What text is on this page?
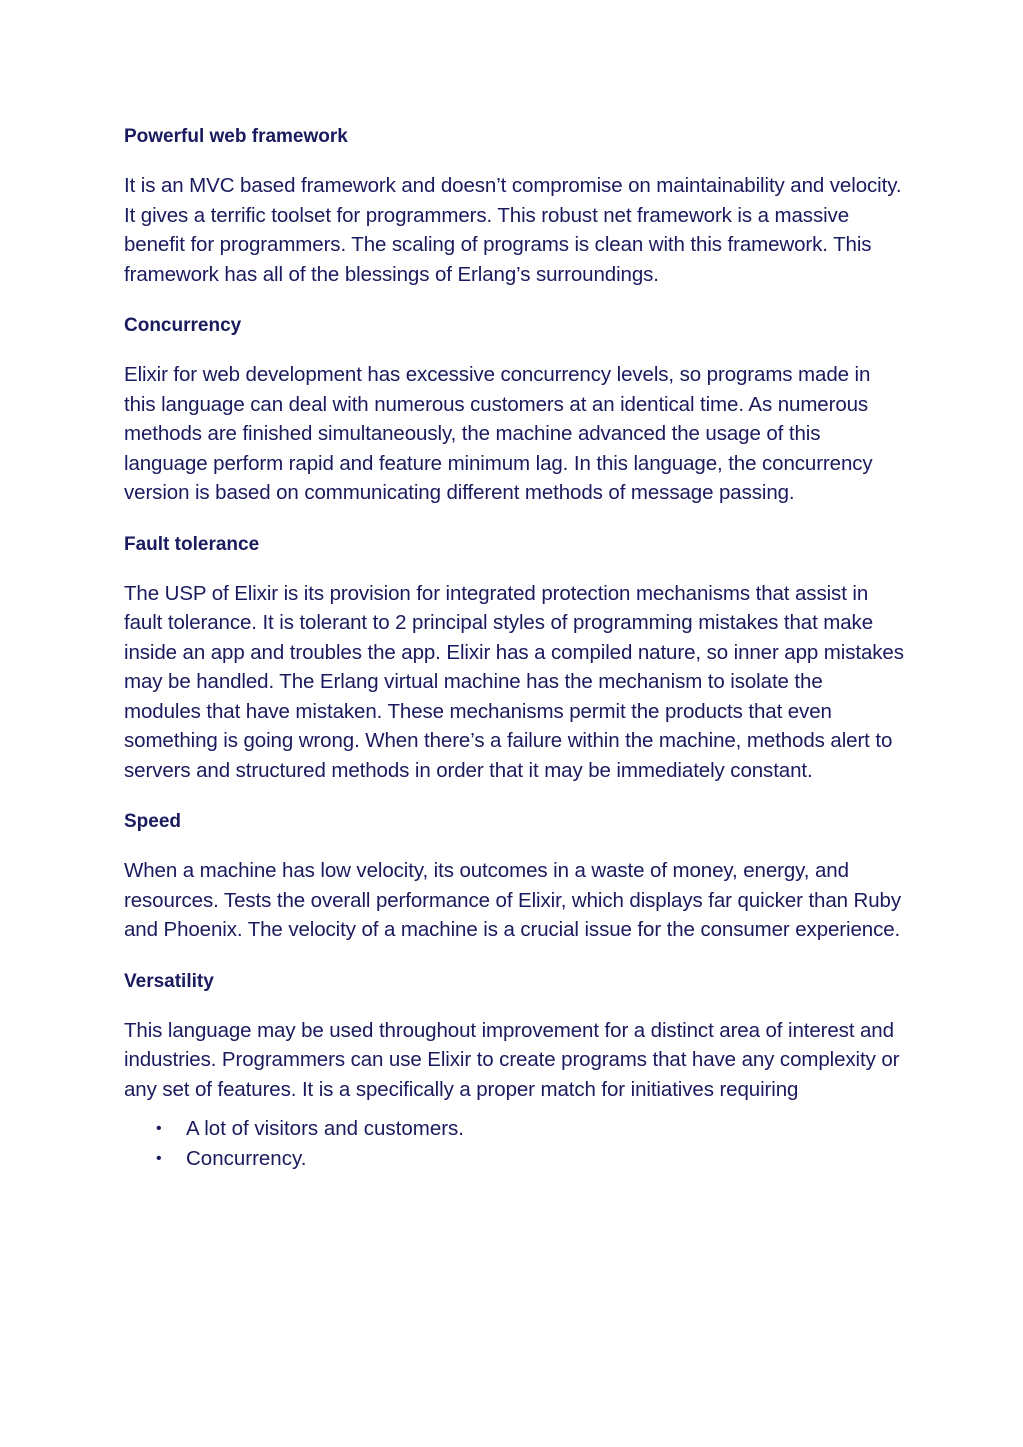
Powerful web framework
It is an MVC based framework and doesn’t compromise on maintainability and velocity. It gives a terrific toolset for programmers. This robust net framework is a massive benefit for programmers. The scaling of programs is clean with this framework. This framework has all of the blessings of Erlang’s surroundings.
Concurrency
Elixir for web development has excessive concurrency levels, so programs made in this language can deal with numerous customers at an identical time. As numerous methods are finished simultaneously, the machine advanced the usage of this language perform rapid and feature minimum lag. In this language, the concurrency version is based on communicating different methods of message passing.
Fault tolerance
The USP of Elixir is its provision for integrated protection mechanisms that assist in fault tolerance. It is tolerant to 2 principal styles of programming mistakes that make inside an app and troubles the app. Elixir has a compiled nature, so inner app mistakes may be handled. The Erlang virtual machine has the mechanism to isolate the modules that have mistaken. These mechanisms permit the products that even something is going wrong. When there’s a failure within the machine, methods alert to servers and structured methods in order that it may be immediately constant.
Speed
When a machine has low velocity, its outcomes in a waste of money, energy, and resources. Tests the overall performance of Elixir, which displays far quicker than Ruby and Phoenix. The velocity of a machine is a crucial issue for the consumer experience.
Versatility
This language may be used throughout improvement for a distinct area of interest and industries. Programmers can use Elixir to create programs that have any complexity or any set of features. It is a specifically a proper match for initiatives requiring
• A lot of visitors and customers.
• Concurrency.
